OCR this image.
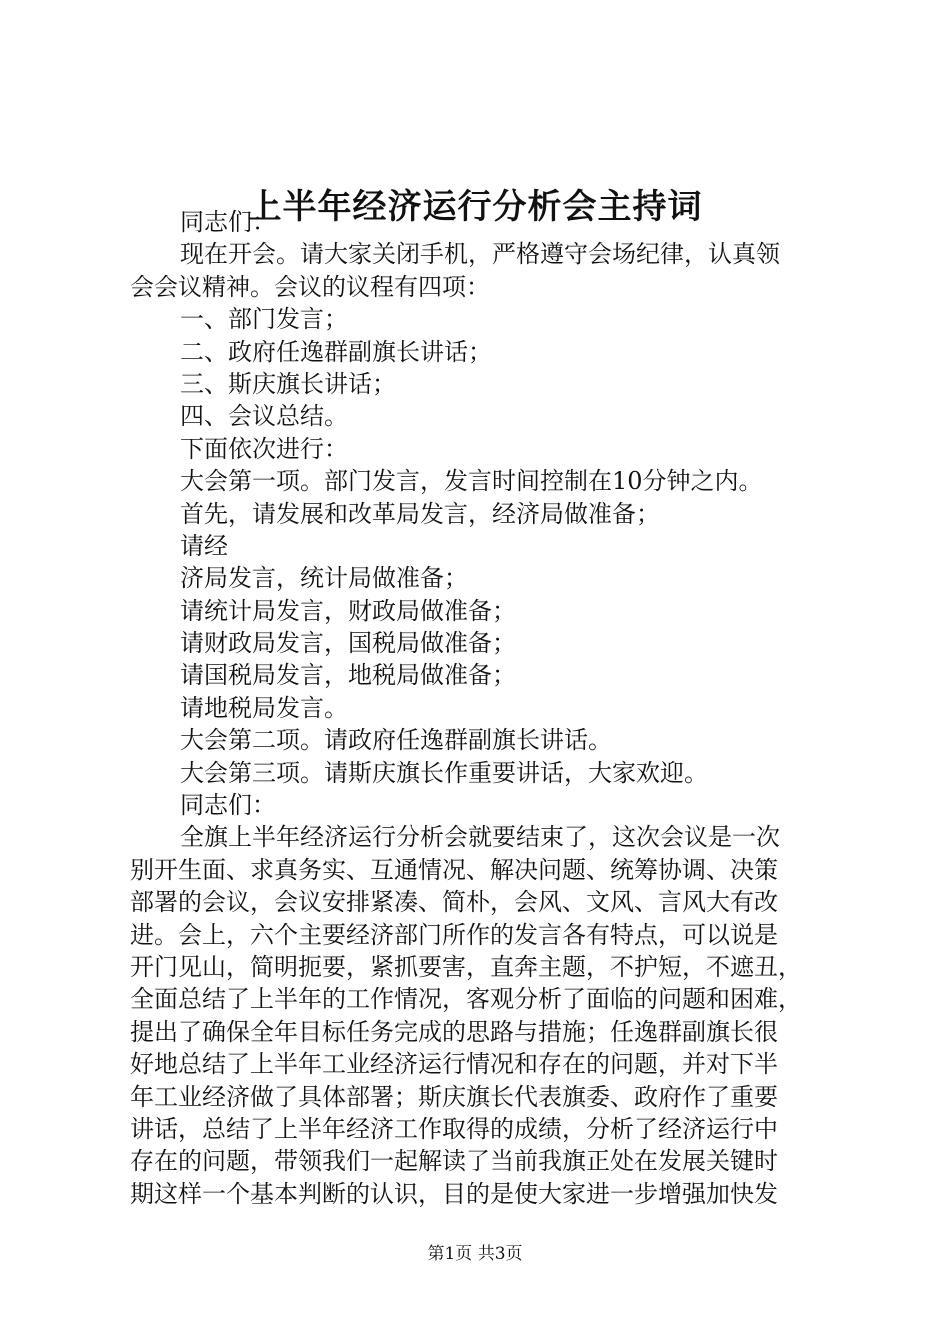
上半年经济运行分析会主持词
同志们：
现在开会。请大家关闭手机，严格遵守会场纪律，认真领
会会议精神。会议的议程有四项：
一、部门发言；
二、政府任逸群副旗长讲话；
三、斯庆旗长讲话；
四、会议总结。
下面依次进行：
大会第一项。部门发言，发言时间控制在10分钟之内。
首先，请发展和改革局发言，经济局做准备；
请经
济局发言，统计局做准备；
请统计局发言，财政局做准备；
请财政局发言，国税局做准备；
请国税局发言，地税局做准备；
请地税局发言。
大会第二项。请政府任逸群副旗长讲话。
大会第三项。请斯庆旗长作重要讲话，大家欢迎。
同志们：
全旗上半年经济运行分析会就要结束了，这次会议是一次
别开生面、求真务实、互通情况、解决问题、统筹协调、决策
部署的会议，会议安排紧凑、简朴，会风、文风、言风大有改
进。会上，六个主要经济部门所作的发言各有特点，可以说是
开门见山，简明扼要，紧抓要害，直奔主题，不护短，不遮丑，
全面总结了上半年的工作情况，客观分析了面临的问题和困难，
提出了确保全年目标任务完成的思路与措施；任逸群副旗长很
好地总结了上半年工业经济运行情况和存在的问题，并对下半
年工业经济做了具体部署；斯庆旗长代表旗委、政府作了重要
讲话，总结了上半年经济工作取得的成绩，分析了经济运行中
存在的问题，带领我们一起解读了当前我旗正处在发展关键时
期这样一个基本判断的认识，目的是使大家进一步增强加快发
第1页 共3页
